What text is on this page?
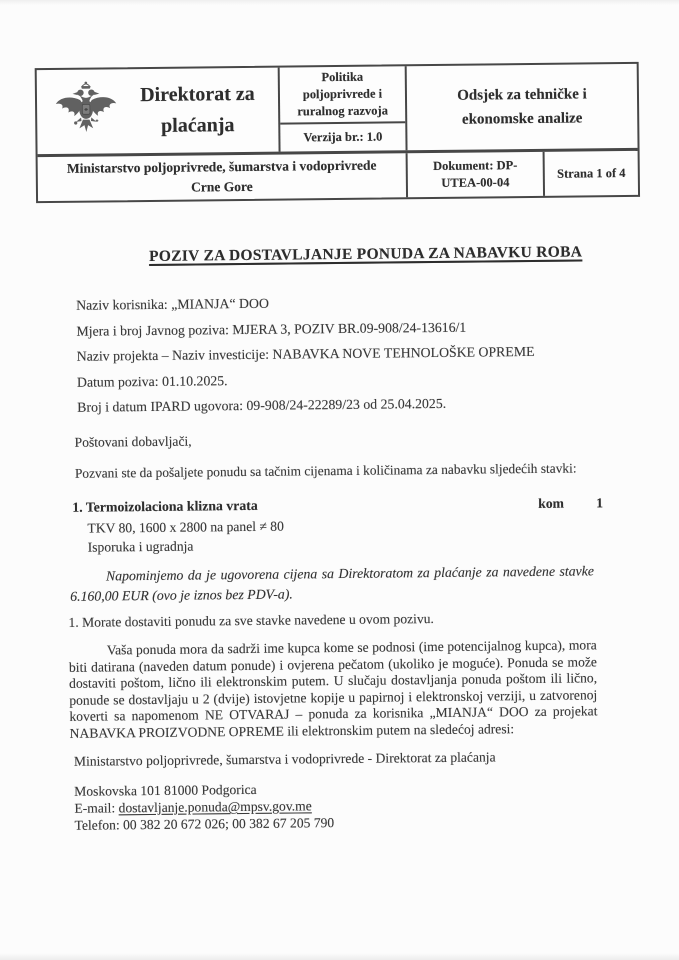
Direktorat za plaćanja
Politika poljoprivrede i ruralnog razvoja
Verzija br.: 1.0
Odsjek za tehničke i ekonomske analize
Ministarstvo poljoprivrede, šumarstva i vodoprivrede Crne Gore
Dokument: DP-UTEA-00-04
Strana 1 of 4
POZIV ZA DOSTAVLJANJE PONUDA ZA NABAVKU ROBA
Naziv korisnika: „MIANJA“ DOO
Mjera i broj Javnog poziva: MJERA 3, POZIV BR.09-908/24-13616/1
Naziv projekta – Naziv investicije: NABAVKA NOVE TEHNOLOŠKE OPREME
Datum poziva: 01.10.2025.
Broj i datum IPARD ugovora: 09-908/24-22289/23 od 25.04.2025.
Poštovani dobavljači,
Pozvani ste da pošaljete ponudu sa tačnim cijenama i količinama za nabavku sljedećih stavki:
1. Termoizolaciona klizna vrata	kom 1
TKV 80, 1600 x 2800 na panel ≠ 80
Isporuka i ugradnja
Napominjemo da je ugovorena cijena sa Direktoratom za plaćanje za navedene stavke 6.160,00 EUR (ovo je iznos bez PDV-a).
1. Morate dostaviti ponudu za sve stavke navedene u ovom pozivu.
Vaša ponuda mora da sadrži ime kupca kome se podnosi (ime potencijalnog kupca), mora biti datirana (naveden datum ponude) i ovjerena pečatom (ukoliko je moguće). Ponuda se može dostaviti poštom, lično ili elektronskim putem. U slučaju dostavljanja ponuda poštom ili lično, ponude se dostavljaju u 2 (dvije) istovjetne kopije u papirnoj i elektronskoj verziji, u zatvorenoj koverti sa napomenom NE OTVARAJ – ponuda za korisnika „MIANJA“ DOO za projekat NABAVKA PROIZVODNE OPREME ili elektronskim putem na sledećoj adresi:
Ministarstvo poljoprivrede, šumarstva i vodoprivrede - Direktorat za plaćanja
Moskovska 101 81000 Podgorica
E-mail: dostavljanje.ponuda@mpsv.gov.me
Telefon: 00 382 20 672 026; 00 382 67 205 790
